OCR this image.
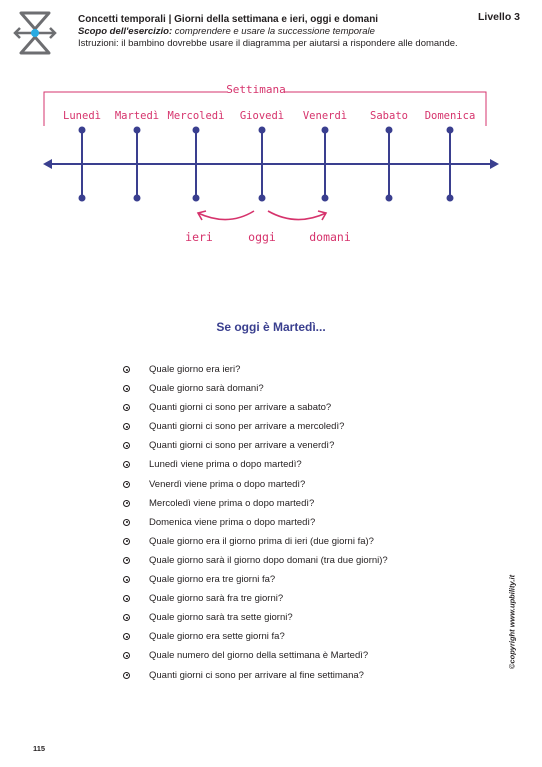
Concetti temporali | Giorni della settimana e ieri, oggi e domani
Scopo dell'esercizio: comprendere e usare la successione temporale
Istruzioni: il bambino dovrebbe usare il diagramma per aiutarsi a rispondere alle domande.
Livello 3
Settimana
Lunedì Martedì Mercoledì Giovedì Venerdì Sabato Domenica
ieri	oggi	domani
Se oggi è Martedì...
Quale giorno era ieri?
Quale giorno sarà domani?
Quanti giorni ci sono per arrivare a sabato?
Quanti giorni ci sono per arrivare a mercoledì?
Quanti giorni ci sono per arrivare a venerdì?
Lunedì viene prima o dopo martedì?
Venerdì viene prima o dopo martedì?
Mercoledì viene prima o dopo martedì?
Domenica viene prima o dopo martedì?
Quale giorno era il giorno prima di ieri (due giorni fa)?
Quale giorno sarà il giorno dopo domani (tra due giorni)?
Quale giorno era tre giorni fa?
Quale giorno sarà fra tre giorni?
Quale giorno sarà tra sette giorni?
Quale giorno era sette giorni fa?
Quale numero del giorno della settimana è Martedì?
Quanti giorni ci sono per arrivare al fine settimana?
©copyright www.upbility.it
115
